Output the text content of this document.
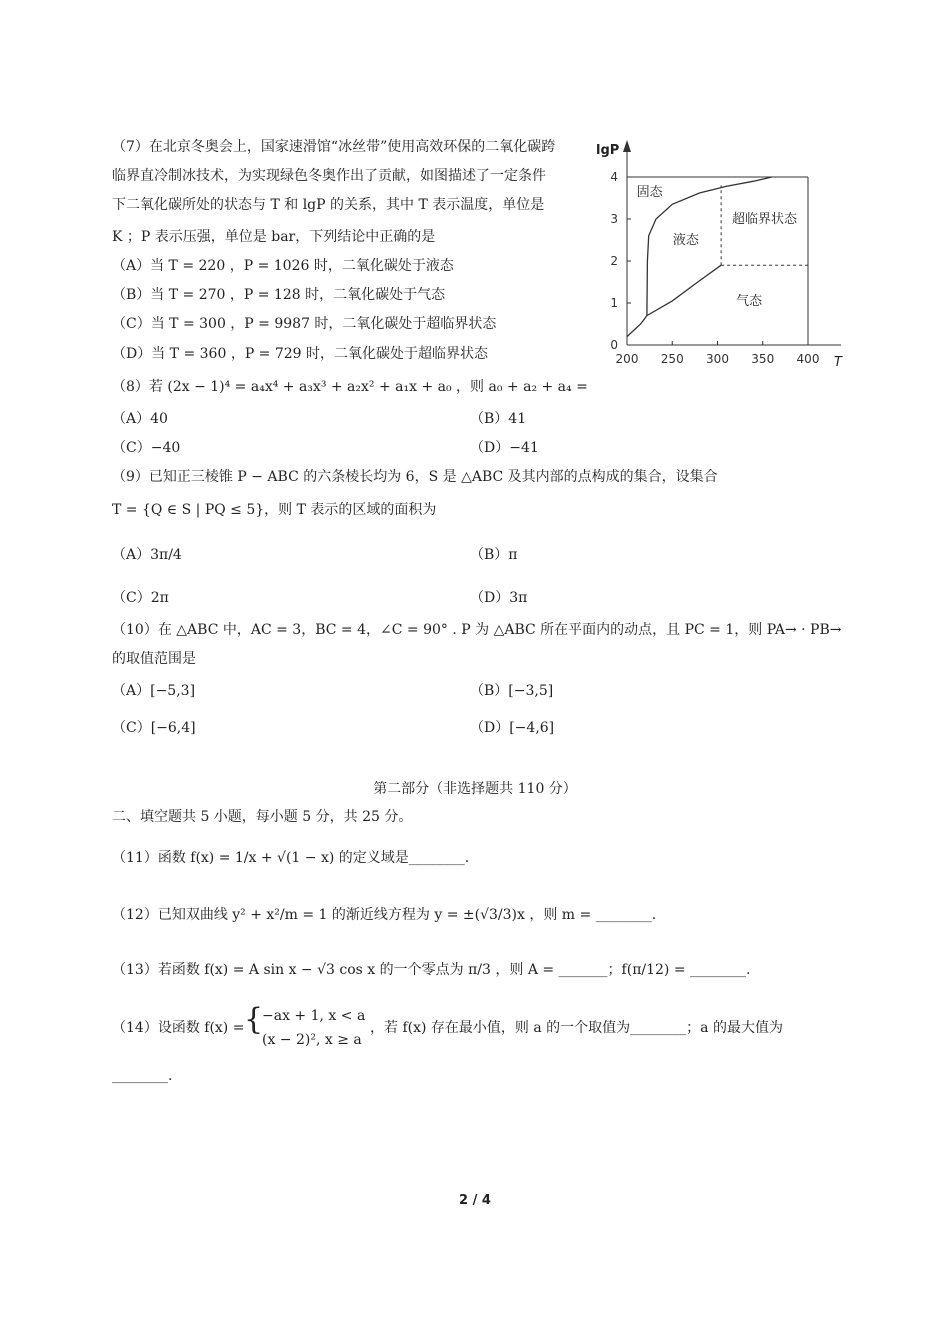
（7）在北京冬奥会上，国家速滑馆“冰丝带”使用高效环保的二氧化碳跨
临界直冷制冰技术，为实现绿色冬奥作出了贡献，如图描述了一定条件
下二氧化碳所处的状态与 T 和 lgP 的关系，其中 T 表示温度，单位是
K ；P 表示压强，单位是 bar，下列结论中正确的是
（A）当 T = 220 ，P = 1026 时，二氧化碳处于液态
（B）当 T = 270 ，P = 128 时，二氧化碳处于气态
（C）当 T = 300 ，P = 9987 时，二氧化碳处于超临界状态
（D）当 T = 360 ，P = 729 时，二氧化碳处于超临界状态
lgP
T
200 250 300 350 400
0
1
2
3
4
固态
液态
超临界状态
气态
（8）若 (2x − 1)⁴ = a₄x⁴ + a₃x³ + a₂x² + a₁x + a₀ ，则 a₀ + a₂ + a₄ =
（A）40	（B）41
（C）−40	（D）−41
（9）已知正三棱锥 P − ABC 的六条棱长均为 6，S 是 △ABC 及其内部的点构成的集合，设集合
T = {Q ∈ S | PQ ≤ 5}，则 T 表示的区域的面积为
（A）3π/4	（B）π
（C）2π	（D）3π
（10）在 △ABC 中，AC = 3，BC = 4，∠C = 90° . P 为 △ABC 所在平面内的动点，且 PC = 1，则 PA→ · PB→
的取值范围是
（A）[−5,3]	（B）[−3,5]
（C）[−6,4]	（D）[−4,6]
第二部分（非选择题共 110 分）
二、填空题共 5 小题，每小题 5 分，共 25 分。
（11）函数 f(x) = 1/x + √(1 − x) 的定义域是________.
（12）已知双曲线 y² + x²/m = 1 的渐近线方程为 y = ±(√3/3)x ，则 m = ________.
（13）若函数 f(x) = A sin x − √3 cos x 的一个零点为 π/3 ，则 A = _______；f(π/12) = ________.
（14）设函数 f(x) = {
−ax + 1, x < a
(x − 2)², x ≥ a
，若 f(x) 存在最小值，则 a 的一个取值为________；a 的最大值为
________.
2 / 4
